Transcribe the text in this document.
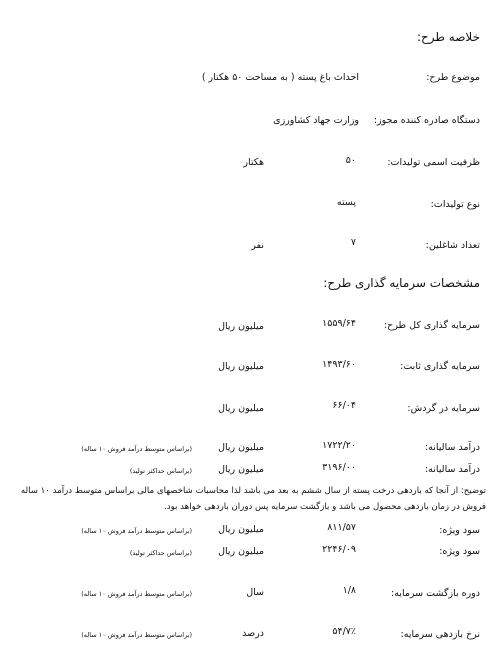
خلاصه طرح:
موضوع طرح:
احداث باغ پسته ( به مساحت ۵۰ هکتار )
دستگاه صادره کننده مجوز:
وزارت جهاد کشاورزی
ظرفیت اسمی تولیدات:
۵۰
هکتار
نوع تولیدات:
پسته
تعداد شاغلین:
۷
نفر
مشخصات سرمایه گذاری طرح:
سرمایه گذاری کل طرح:
۱۵۵۹/۶۴
میلیون ریال
سرمایه گذاری ثابت:
۱۴۹۳/۶۰
میلیون ریال
سرمایه در گردش:
۶۶/۰۴
میلیون ریال
درآمد سالیانه:
۱۷۲۲/۲۰
میلیون ریال
(براساس متوسط درآمد فروش ۱۰ ساله)
درآمد سالیانه:
۳۱۹۶/۰۰
میلیون ریال
(براساس حداکثر تولید)
توضیح: از آنجا که باردهی درخت پسته از سال ششم به بعد می باشد لذا محاسبات شاخصهای مالی براساس متوسط درآمد ۱۰ ساله فروش در زمان باردهی محصول می باشد و بازگشت سرمایه پس دوران باردهی خواهد بود.
سود ویژه:
۸۱۱/۵۷
میلیون ریال
(براساس متوسط درآمد فروش ۱۰ ساله)
سود ویژه:
۲۲۴۶/۰۹
میلیون ریال
(براساس حداکثر تولید)
دوره بازگشت سرمایه:
۱/۸
سال
(براساس متوسط درآمد فروش ۱۰ ساله)
نرخ بازدهی سرمایه:
۵۴/۷٪
درصد
(براساس متوسط درآمد فروش ۱۰ ساله)
